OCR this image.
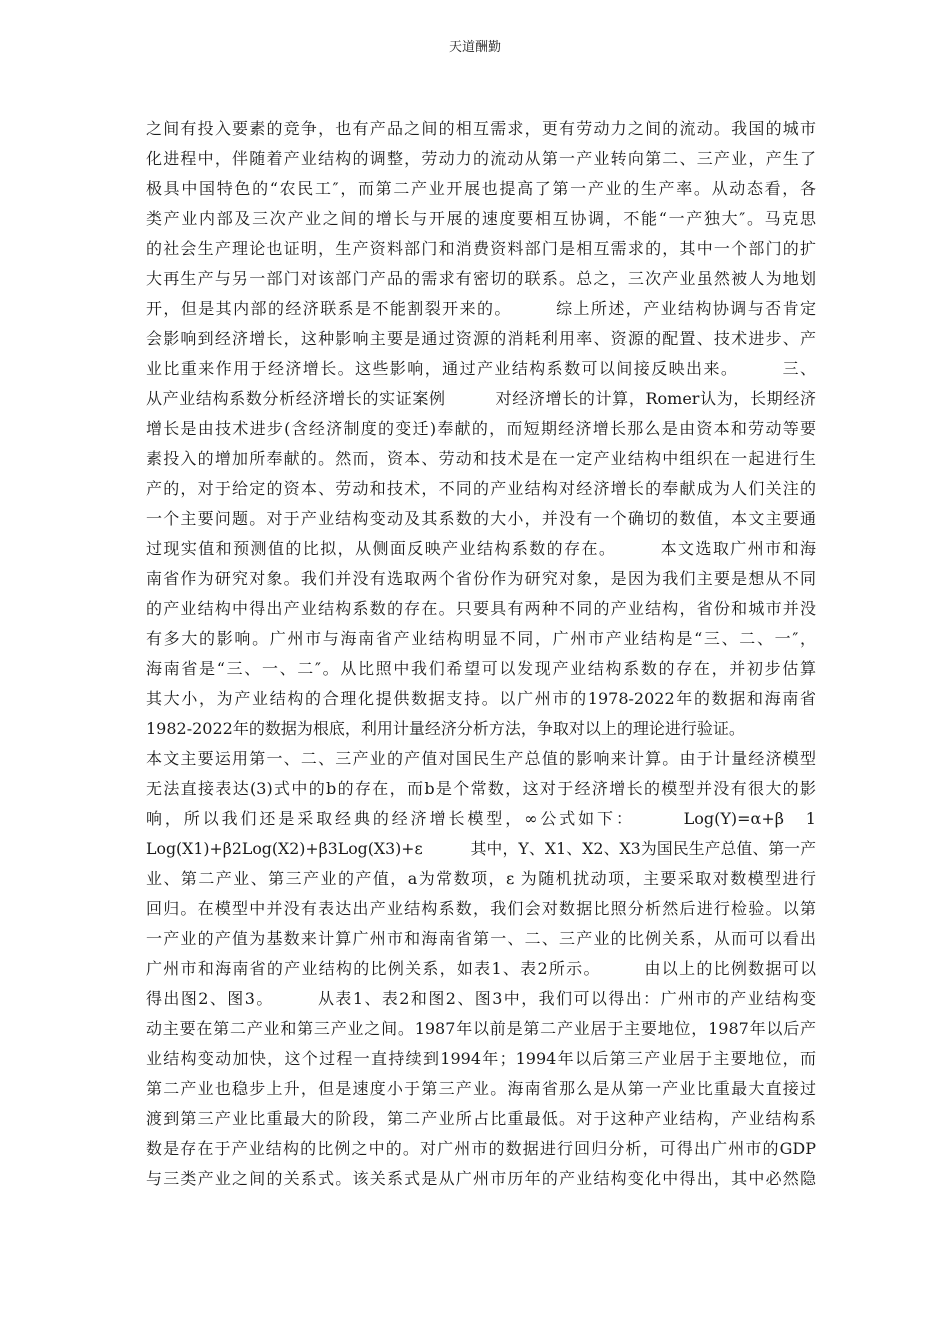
天道酬勤
之间有投入要素的竞争，也有产品之间的相互需求，更有劳动力之间的流动。我国的城市
化进程中，伴随着产业结构的调整，劳动力的流动从第一产业转向第二、三产业，产生了
极具中国特色的“农民工″，而第二产业开展也提高了第一产业的生产率。从动态看，各
类产业内部及三次产业之间的增长与开展的速度要相互协调，不能“一产独大″。马克思
的社会生产理论也证明，生产资料部门和消费资料部门是相互需求的，其中一个部门的扩
大再生产与另一部门对该部门产品的需求有密切的联系。总之，三次产业虽然被人为地划
开，但是其内部的经济联系是不能割裂开来的。　　　综上所述，产业结构协调与否肯定
会影响到经济增长，这种影响主要是通过资源的消耗利用率、资源的配置、技术进步、产
业比重来作用于经济增长。这些影响，通过产业结构系数可以间接反映出来。　　　三、
从产业结构系数分析经济增长的实证案例　　　对经济增长的计算，Romer认为，长期经济
增长是由技术进步(含经济制度的变迁)奉献的，而短期经济增长那么是由资本和劳动等要
素投入的增加所奉献的。然而，资本、劳动和技术是在一定产业结构中组织在一起进行生
产的，对于给定的资本、劳动和技术，不同的产业结构对经济增长的奉献成为人们关注的
一个主要问题。对于产业结构变动及其系数的大小，并没有一个确切的数值，本文主要通
过现实值和预测值的比拟，从侧面反映产业结构系数的存在。　　　本文选取广州市和海
南省作为研究对象。我们并没有选取两个省份作为研究对象，是因为我们主要是想从不同
的产业结构中得出产业结构系数的存在。只要具有两种不同的产业结构，省份和城市并没
有多大的影响。广州市与海南省产业结构明显不同，广州市产业结构是“三、二、一″，
海南省是“三、一、二″。从比照中我们希望可以发现产业结构系数的存在，并初步估算
其大小，为产业结构的合理化提供数据支持。以广州市的1978-2022年的数据和海南省
1982-2022年的数据为根底，利用计量经济分析方法，争取对以上的理论进行验证。
本文主要运用第一、二、三产业的产值对国民生产总值的影响来计算。由于计量经济模型
无法直接表达(3)式中的b的存在，而b是个常数，这对于经济增长的模型并没有很大的影
响，所以我们还是采取经典的经济增长模型，∞公式如下：　　　Log(Y)=α+β　1
Log(X1)+β2Log(X2)+β3Log(X3)+ε　　　其中，Y、X1、X2、X3为国民生产总值、第一产
业、第二产业、第三产业的产值，a为常数项，ε 为随机扰动项，主要采取对数模型进行
回归。在模型中并没有表达出产业结构系数，我们会对数据比照分析然后进行检验。以第
一产业的产值为基数来计算广州市和海南省第一、二、三产业的比例关系，从而可以看出
广州市和海南省的产业结构的比例关系，如表1、表2所示。　　　由以上的比例数据可以
得出图2、图3。　　　从表1、表2和图2、图3中，我们可以得出：广州市的产业结构变
动主要在第二产业和第三产业之间。1987年以前是第二产业居于主要地位，1987年以后产
业结构变动加快，这个过程一直持续到1994年；1994年以后第三产业居于主要地位，而
第二产业也稳步上升，但是速度小于第三产业。海南省那么是从第一产业比重最大直接过
渡到第三产业比重最大的阶段，第二产业所占比重最低。对于这种产业结构，产业结构系
数是存在于产业结构的比例之中的。对广州市的数据进行回归分析，可得出广州市的GDP
与三类产业之间的关系式。该关系式是从广州市历年的产业结构变化中得出，其中必然隐
